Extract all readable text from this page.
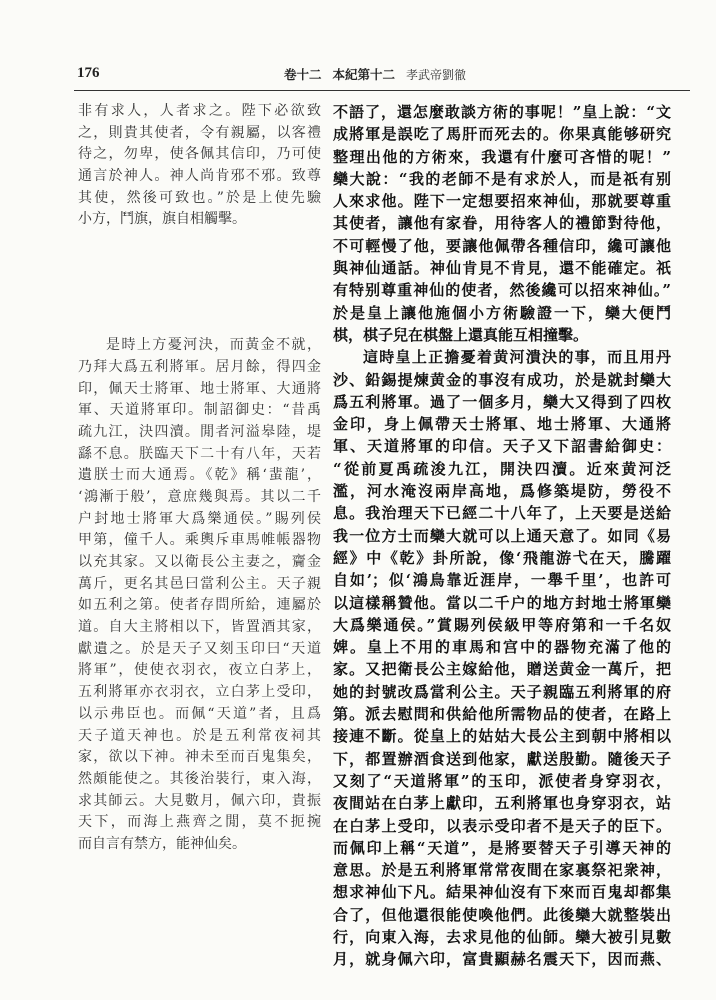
176	卷十二 本紀第十二 孝武帝劉徹
非有求人，人者求之。陛下必欲致
之，則貴其使者，令有親屬，以客禮
待之，勿卑，使各佩其信印，乃可使
通言於神人。神人尚肯邪不邪。致尊
其使，然後可致也。”於是上使先驗
小方，鬥旗，旗自相觸擊。
是時上方憂河決，而黃金不就，
乃拜大爲五利將軍。居月餘，得四金
印，佩天士將軍、地士將軍、大通將
軍、天道將軍印。制詔御史：“昔禹
疏九江，決四瀆。閒者河溢皋陸，堤
繇不息。朕臨天下二十有八年，天若
遺朕士而大通焉。《乾》稱‘蜚龍’，
‘鴻漸于般’，意庶幾與焉。其以二千
户封地士將軍大爲樂通侯。”賜列侯
甲第，僮千人。乘輿斥車馬帷帳器物
以充其家。又以衛長公主妻之，齎金
萬斤，更名其邑曰當利公主。天子親
如五利之第。使者存問所給，連屬於
道。自大主將相以下，皆置酒其家，
獻遺之。於是天子又刻玉印曰“天道
將軍”，使使衣羽衣，夜立白茅上，
五利將軍亦衣羽衣，立白茅上受印，
以示弗臣也。而佩“天道”者，且爲
天子道天神也。於是五利常夜祠其
家，欲以下神。神未至而百鬼集矣，
然頗能使之。其後治裝行，東入海，
求其師云。大見數月，佩六印，貴振
天下，而海上燕齊之閒，莫不扼捥
而自言有禁方，能神仙矣。
不語了，還怎麼敢談方術的事呢！”皇上說：“文
成將軍是誤吃了馬肝而死去的。你果真能够研究
整理出他的方術來，我還有什麼可吝惜的呢！”
欒大說：“我的老師不是有求於人，而是祇有别
人來求他。陛下一定想要招來神仙，那就要尊重
其使者，讓他有家眷，用待客人的禮節對待他，
不可輕慢了他，要讓他佩帶各種信印，纔可讓他
與神仙通話。神仙肯見不肯見，還不能確定。祇
有特别尊重神仙的使者，然後纔可以招來神仙。”
於是皇上讓他施個小方術驗證一下，欒大便鬥
棋，棋子兒在棋盤上還真能互相撞擊。
這時皇上正擔憂着黄河潰決的事，而且用丹
沙、鉛錫提煉黄金的事沒有成功，於是就封欒大
爲五利將軍。過了一個多月，欒大又得到了四枚
金印，身上佩帶天士將軍、地士將軍、大通將
軍、天道將軍的印信。天子又下詔書給御史：
“從前夏禹疏浚九江，開決四瀆。近來黄河泛
濫，河水淹沒兩岸高地，爲修築堤防，勞役不
息。我治理天下已經二十八年了，上天要是送給
我一位方士而欒大就可以上通天意了。如同《易
經》中《乾》卦所說，像‘飛龍游弋在天，騰躍
自如’；似‘鴻鳥靠近涯岸，一舉千里’，也許可
以這樣稱贊他。當以二千户的地方封地士將軍欒
大爲樂通侯。”賞賜列侯級甲等府第和一千名奴
婢。皇上不用的車馬和宫中的器物充滿了他的
家。又把衛長公主嫁給他，贈送黄金一萬斤，把
她的封號改爲當利公主。天子親臨五利將軍的府
第。派去慰問和供給他所需物品的使者，在路上
接連不斷。從皇上的姑姑大長公主到朝中將相以
下，都置辦酒食送到他家，獻送殷勤。隨後天子
又刻了“天道將軍”的玉印，派使者身穿羽衣，
夜間站在白茅上獻印，五利將軍也身穿羽衣，站
在白茅上受印，以表示受印者不是天子的臣下。
而佩印上稱“天道”，是將要替天子引導天神的
意思。於是五利將軍常常夜間在家裏祭祀衆神，
想求神仙下凡。結果神仙沒有下來而百鬼却都集
合了，但他還很能使喚他們。此後欒大就整裝出
行，向東入海，去求見他的仙師。欒大被引見數
月，就身佩六印，富貴顯赫名震天下，因而燕、
